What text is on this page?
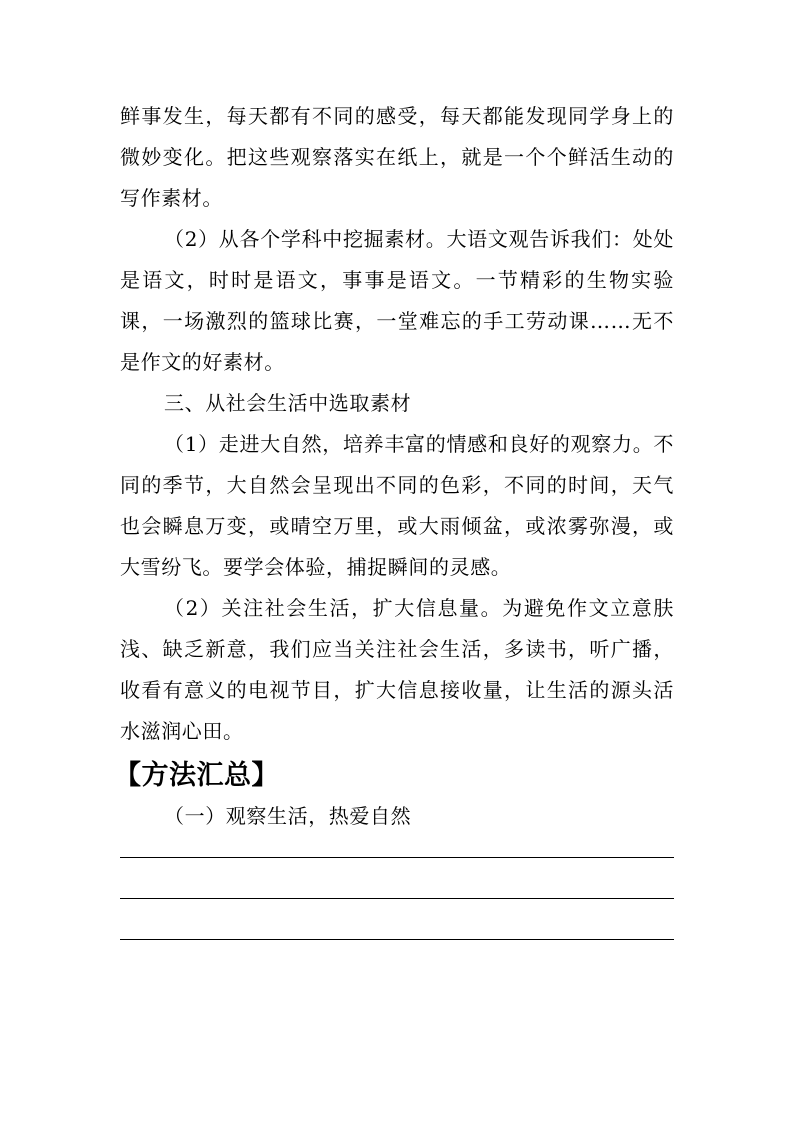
鲜事发生，每天都有不同的感受，每天都能发现同学身上的微妙变化。把这些观察落实在纸上，就是一个个鲜活生动的写作素材。

（2）从各个学科中挖掘素材。大语文观告诉我们：处处是语文，时时是语文，事事是语文。一节精彩的生物实验课，一场激烈的篮球比赛，一堂难忘的手工劳动课……无不是作文的好素材。

三、从社会生活中选取素材

（1）走进大自然，培养丰富的情感和良好的观察力。不同的季节，大自然会呈现出不同的色彩，不同的时间，天气也会瞬息万变，或晴空万里，或大雨倾盆，或浓雾弥漫，或大雪纷飞。要学会体验，捕捉瞬间的灵感。

（2）关注社会生活，扩大信息量。为避免作文立意肤浅、缺乏新意，我们应当关注社会生活，多读书，听广播，收看有意义的电视节目，扩大信息接收量，让生活的源头活水滋润心田。

【方法汇总】

（一）观察生活，热爱自然
